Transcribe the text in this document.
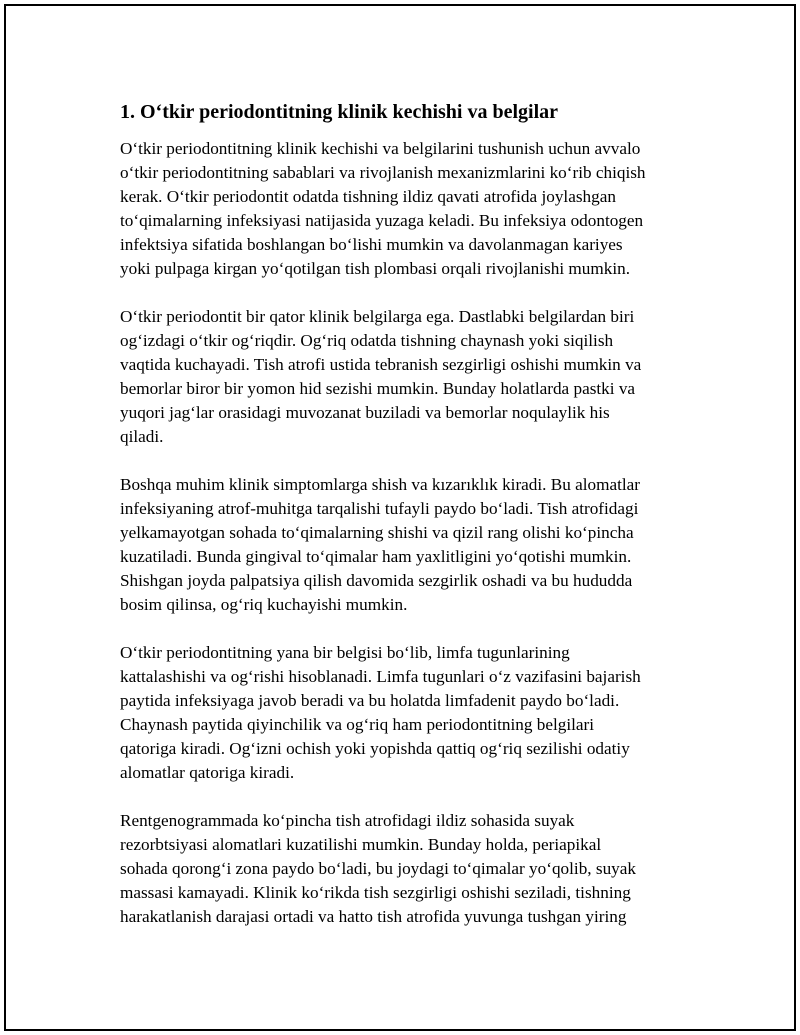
1. O‘tkir periodontitning klinik kechishi va belgilar

O‘tkir periodontitning klinik kechishi va belgilarini tushunish uchun avvalo
o‘tkir periodontitning sabablari va rivojlanish mexanizmlarini ko‘rib chiqish
kerak. O‘tkir periodontit odatda tishning ildiz qavati atrofida joylashgan
to‘qimalarning infeksiyasi natijasida yuzaga keladi. Bu infeksiya odontogen
infektsiya sifatida boshlangan bo‘lishi mumkin va davolanmagan kariyes
yoki pulpaga kirgan yo‘qotilgan tish plombasi orqali rivojlanishi mumkin.

O‘tkir periodontit bir qator klinik belgilarga ega. Dastlabki belgilardan biri
og‘izdagi o‘tkir og‘riqdir. Og‘riq odatda tishning chaynash yoki siqilish
vaqtida kuchayadi. Tish atrofi ustida tebranish sezgirligi oshishi mumkin va
bemorlar biror bir yomon hid sezishi mumkin. Bunday holatlarda pastki va
yuqori jag‘lar orasidagi muvozanat buziladi va bemorlar noqulaylik his
qiladi.

Boshqa muhim klinik simptomlarga shish va kızarıklık kiradi. Bu alomatlar
infeksiyaning atrof-muhitga tarqalishi tufayli paydo bo‘ladi. Tish atrofidagi
yelkamayotgan sohada to‘qimalarning shishi va qizil rang olishi ko‘pincha
kuzatiladi. Bunda gingival to‘qimalar ham yaxlitligini yo‘qotishi mumkin.
Shishgan joyda palpatsiya qilish davomida sezgirlik oshadi va bu hududda
bosim qilinsa, og‘riq kuchayishi mumkin.

O‘tkir periodontitning yana bir belgisi bo‘lib, limfa tugunlarining
kattalashishi va og‘rishi hisoblanadi. Limfa tugunlari o‘z vazifasini bajarish
paytida infeksiyaga javob beradi va bu holatda limfadenit paydo bo‘ladi.
Chaynash paytida qiyinchilik va og‘riq ham periodontitning belgilari
qatoriga kiradi. Og‘izni ochish yoki yopishda qattiq og‘riq sezilishi odatiy
alomatlar qatoriga kiradi.

Rentgenogrammada ko‘pincha tish atrofidagi ildiz sohasida suyak
rezorbtsiyasi alomatlari kuzatilishi mumkin. Bunday holda, periapikal
sohada qorong‘i zona paydo bo‘ladi, bu joydagi to‘qimalar yo‘qolib, suyak
massasi kamayadi. Klinik ko‘rikda tish sezgirligi oshishi seziladi, tishning
harakatlanish darajasi ortadi va hatto tish atrofida yuvunga tushgan yiring
